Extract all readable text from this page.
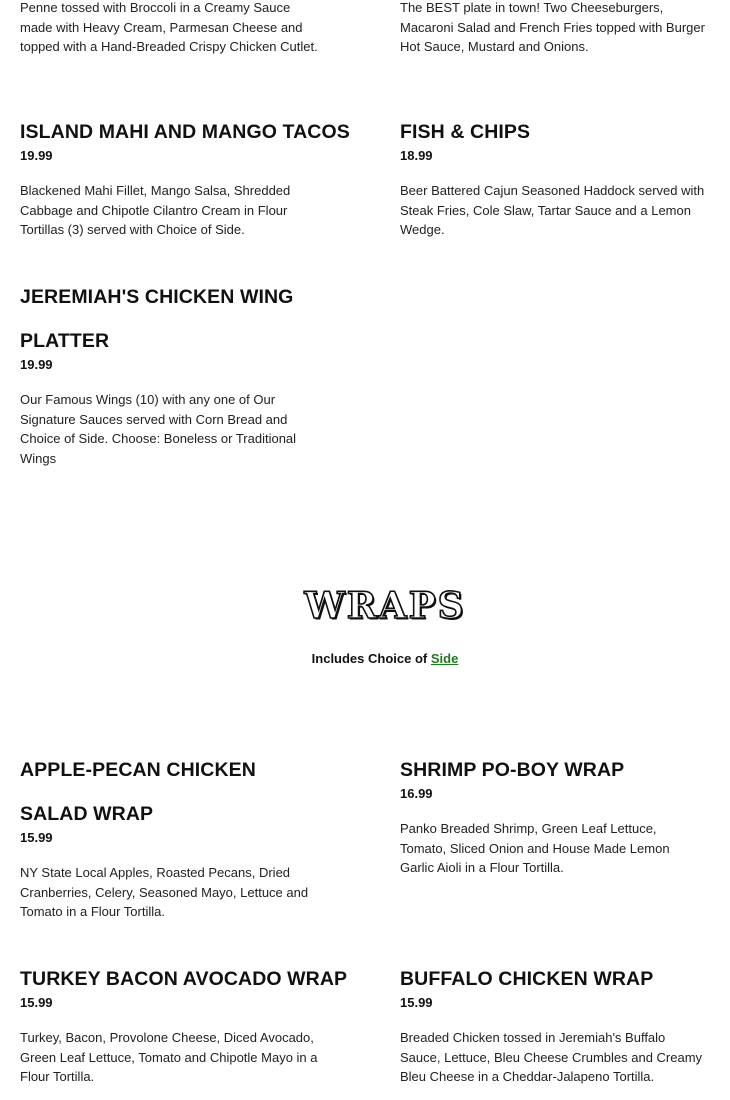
Penne tossed with Broccoli in a Creamy Sauce made with Heavy Cream, Parmesan Cheese and topped with a Hand-Breaded Crispy Chicken Cutlet.
The BEST plate in town! Two Cheeseburgers, Macaroni Salad and French Fries topped with Burger Hot Sauce, Mustard and Onions.
ISLAND MAHI AND MANGO TACOS
19.99
Blackened Mahi Fillet, Mango Salsa, Shredded Cabbage and Chipotle Cilantro Cream in Flour Tortillas (3) served with Choice of Side.
FISH & CHIPS
18.99
Beer Battered Cajun Seasoned Haddock served with Steak Fries, Cole Slaw, Tartar Sauce and a Lemon Wedge.
JEREMIAH'S CHICKEN WING PLATTER
19.99
Our Famous Wings (10) with any one of Our Signature Sauces served with Corn Bread and Choice of Side. Choose: Boneless or Traditional Wings
WRAPS
Includes Choice of Side
APPLE-PECAN CHICKEN SALAD WRAP
15.99
NY State Local Apples, Roasted Pecans, Dried Cranberries, Celery, Seasoned Mayo, Lettuce and Tomato in a Flour Tortilla.
SHRIMP PO-BOY WRAP
16.99
Panko Breaded Shrimp, Green Leaf Lettuce, Tomato, Sliced Onion and House Made Lemon Garlic Aioli in a Flour Tortilla.
TURKEY BACON AVOCADO WRAP
15.99
Turkey, Bacon, Provolone Cheese, Diced Avocado, Green Leaf Lettuce, Tomato and Chipotle Mayo in a Flour Tortilla.
BUFFALO CHICKEN WRAP
15.99
Breaded Chicken tossed in Jeremiah's Buffalo Sauce, Lettuce, Bleu Cheese Crumbles and Creamy Bleu Cheese in a Cheddar-Jalapeno Tortilla.
